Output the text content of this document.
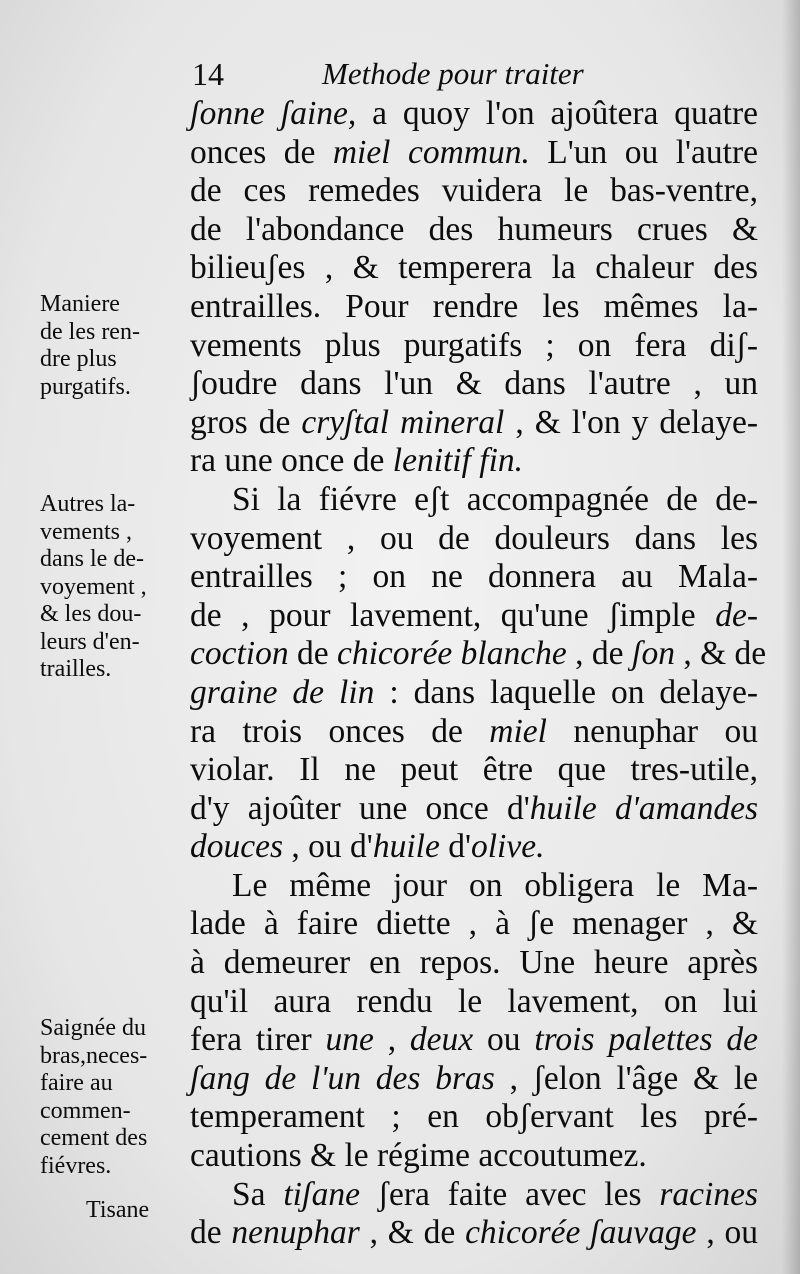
14	Methode pour traiter
Maniere
de les ren-
dre plus
purgatifs.
Autres la-
vements ,
dans le de-
voyement ,
& les dou-
leurs d'en-
trailles.
Saignée du
bras,neces-
faire au
commen-
cement des
fiévres.
Tisane
ʃonne ʃaine, a quoy l'on ajoûtera quatre
onces de miel commun. L'un ou l'autre
de ces remedes vuidera le bas-ventre,
de l'abondance des humeurs crues &
bilieuʃes , & temperera la chaleur des
entrailles. Pour rendre les mêmes la-
vements plus purgatifs ; on fera diʃ-
ʃoudre dans l'un & dans l'autre , un
gros de cryʃtal mineral , & l'on y delaye-
ra une once de lenitif fin.
Si la fiévre eʃt accompagnée de de-
voyement , ou de douleurs dans les
entrailles ; on ne donnera au Mala-
de , pour lavement, qu'une ʃimple de-
coction de chicorée blanche , de ʃon , & de
graine de lin : dans laquelle on delaye-
ra trois onces de miel nenuphar ou
violar. Il ne peut être que tres-utile,
d'y ajoûter une once d'huile d'amandes
douces , ou d'huile d'olive.
Le même jour on obligera le Ma-
lade à faire diette , à ʃe menager , &
à demeurer en repos. Une heure après
qu'il aura rendu le lavement, on lui
fera tirer une , deux ou trois palettes de
ʃang de l'un des bras , ʃelon l'âge & le
temperament ; en obʃervant les pré-
cautions & le régime accoutumez.
Sa tiʃane ʃera faite avec les racines
de nenuphar , & de chicorée ʃauvage , ou
